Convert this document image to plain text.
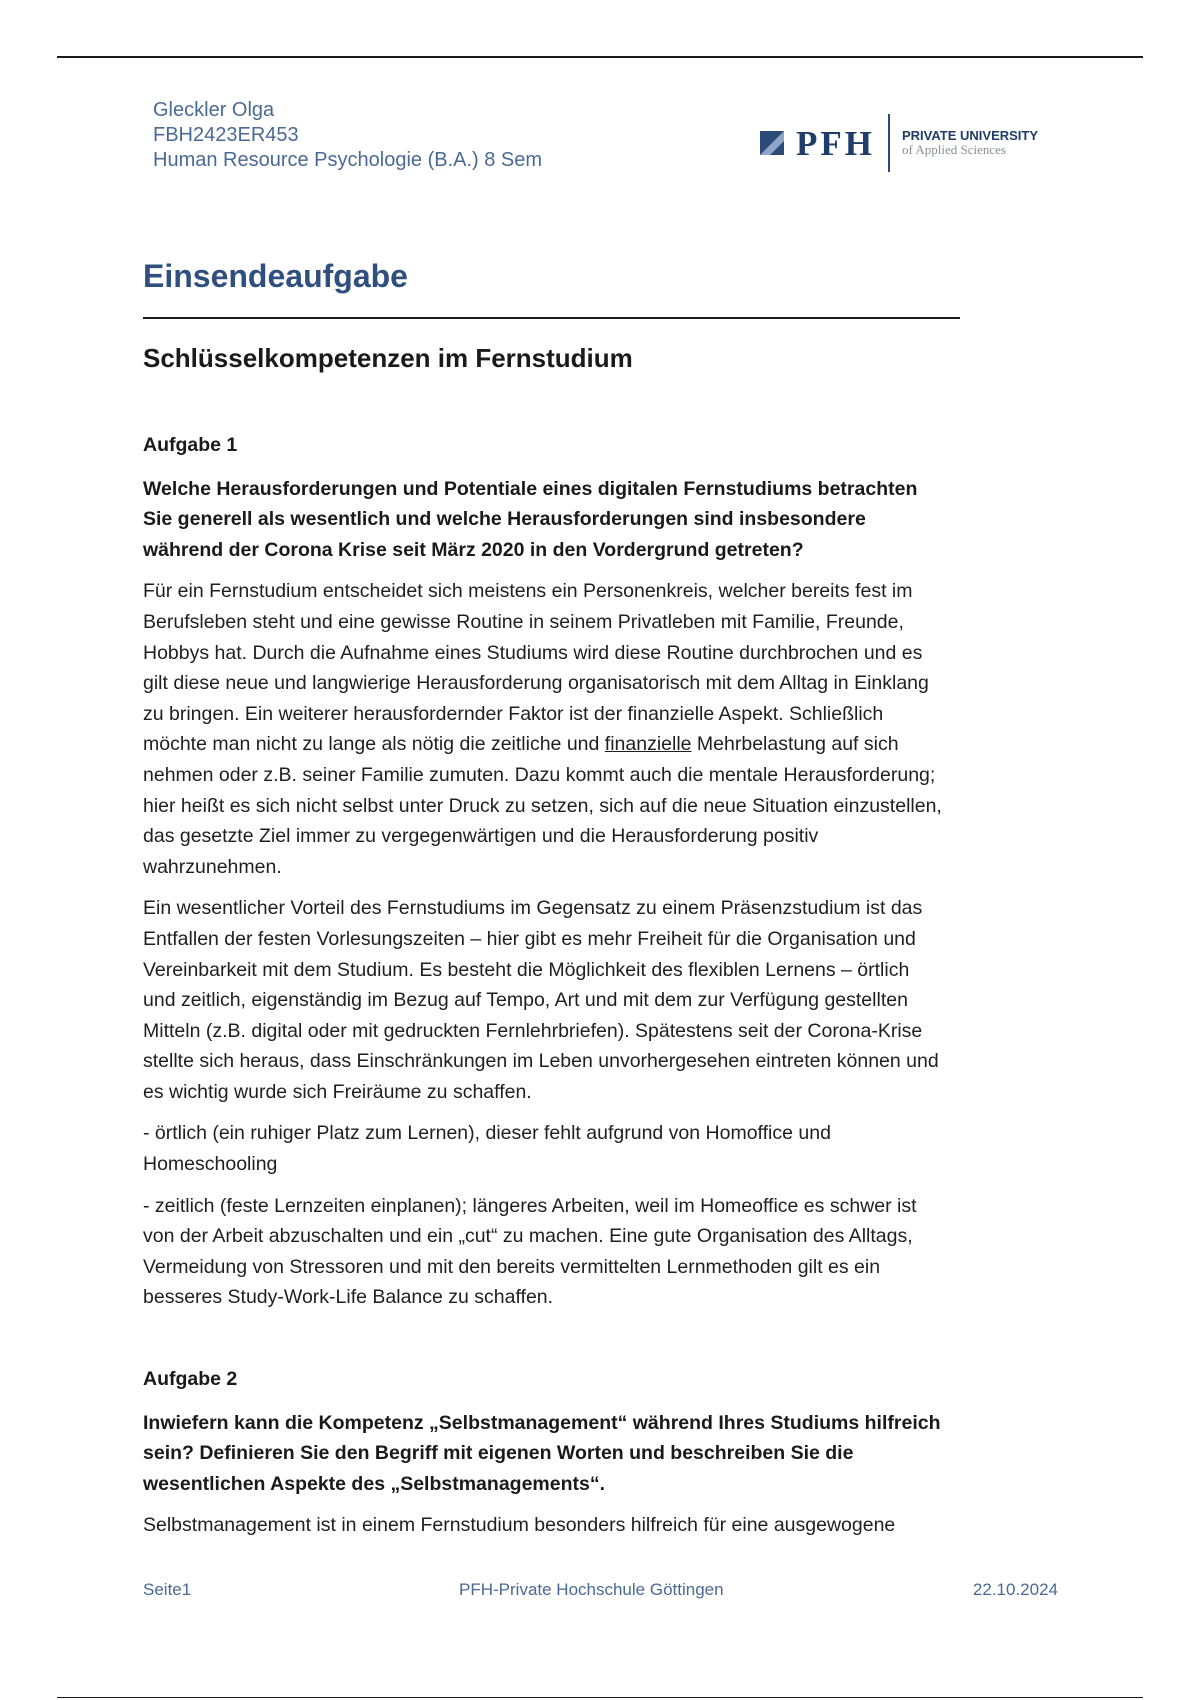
Gleckler Olga
FBH2423ER453
Human Resource Psychologie (B.A.) 8 Sem	PFH PRIVATE UNIVERSITY
of Applied Sciences
Einsendeaufgabe
Schlüsselkompetenzen im Fernstudium
Aufgabe 1
Welche Herausforderungen und Potentiale eines digitalen Fernstudiums betrachten
Sie generell als wesentlich und welche Herausforderungen sind insbesondere
während der Corona Krise seit März 2020 in den Vordergrund getreten?

Für ein Fernstudium entscheidet sich meistens ein Personenkreis, welcher bereits fest im
Berufsleben steht und eine gewisse Routine in seinem Privatleben mit Familie, Freunde,
Hobbys hat. Durch die Aufnahme eines Studiums wird diese Routine durchbrochen und es
gilt diese neue und langwierige Herausforderung organisatorisch mit dem Alltag in Einklang
zu bringen. Ein weiterer herausfordernder Faktor ist der finanzielle Aspekt. Schließlich
möchte man nicht zu lange als nötig die zeitliche und finanzielle Mehrbelastung auf sich
nehmen oder z.B. seiner Familie zumuten. Dazu kommt auch die mentale Herausforderung;
hier heißt es sich nicht selbst unter Druck zu setzen, sich auf die neue Situation einzustellen,
das gesetzte Ziel immer zu vergegenwärtigen und die Herausforderung positiv
wahrzunehmen.

Ein wesentlicher Vorteil des Fernstudiums im Gegensatz zu einem Präsenzstudium ist das
Entfallen der festen Vorlesungszeiten – hier gibt es mehr Freiheit für die Organisation und
Vereinbarkeit mit dem Studium. Es besteht die Möglichkeit des flexiblen Lernens – örtlich
und zeitlich, eigenständig im Bezug auf Tempo, Art und mit dem zur Verfügung gestellten
Mitteln (z.B. digital oder mit gedruckten Fernlehrbriefen). Spätestens seit der Corona-Krise
stellte sich heraus, dass Einschränkungen im Leben unvorhergesehen eintreten können und
es wichtig wurde sich Freiräume zu schaffen.

- örtlich (ein ruhiger Platz zum Lernen), dieser fehlt aufgrund von Homoffice und
Homeschooling

- zeitlich (feste Lernzeiten einplanen); längeres Arbeiten, weil im Homeoffice es schwer ist
von der Arbeit abzuschalten und ein „cut“ zu machen. Eine gute Organisation des Alltags,
Vermeidung von Stressoren und mit den bereits vermittelten Lernmethoden gilt es ein
besseres Study-Work-Life Balance zu schaffen.

Aufgabe 2
Inwiefern kann die Kompetenz „Selbstmanagement“ während Ihres Studiums hilfreich
sein? Definieren Sie den Begriff mit eigenen Worten und beschreiben Sie die
wesentlichen Aspekte des „Selbstmanagements“.

Selbstmanagement ist in einem Fernstudium besonders hilfreich für eine ausgewogene

Seite1	PFH-Private Hochschule Göttingen	22.10.2024
